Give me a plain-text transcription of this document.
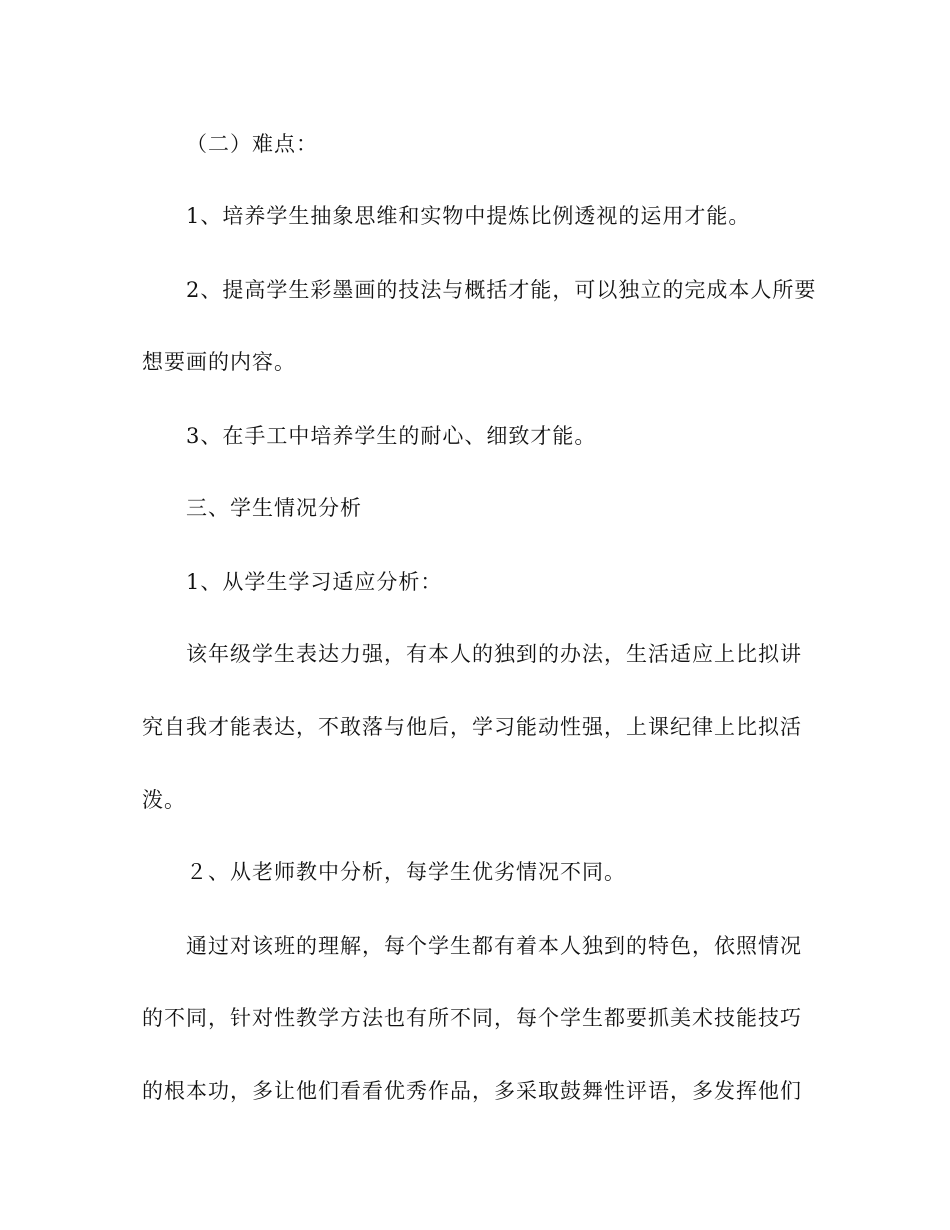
（二）难点：
1、培养学生抽象思维和实物中提炼比例透视的运用才能。
2、提高学生彩墨画的技法与概括才能，可以独立的完成本人所要
想要画的内容。
3、在手工中培养学生的耐心、细致才能。
三、学生情况分析
1、从学生学习适应分析：
该年级学生表达力强，有本人的独到的办法，生活适应上比拟讲
究自我才能表达，不敢落与他后，学习能动性强，上课纪律上比拟活
泼。
２、从老师教中分析，每学生优劣情况不同。
通过对该班的理解，每个学生都有着本人独到的特色，依照情况
的不同，针对性教学方法也有所不同，每个学生都要抓美术技能技巧
的根本功，多让他们看看优秀作品，多采取鼓舞性评语，多发挥他们
